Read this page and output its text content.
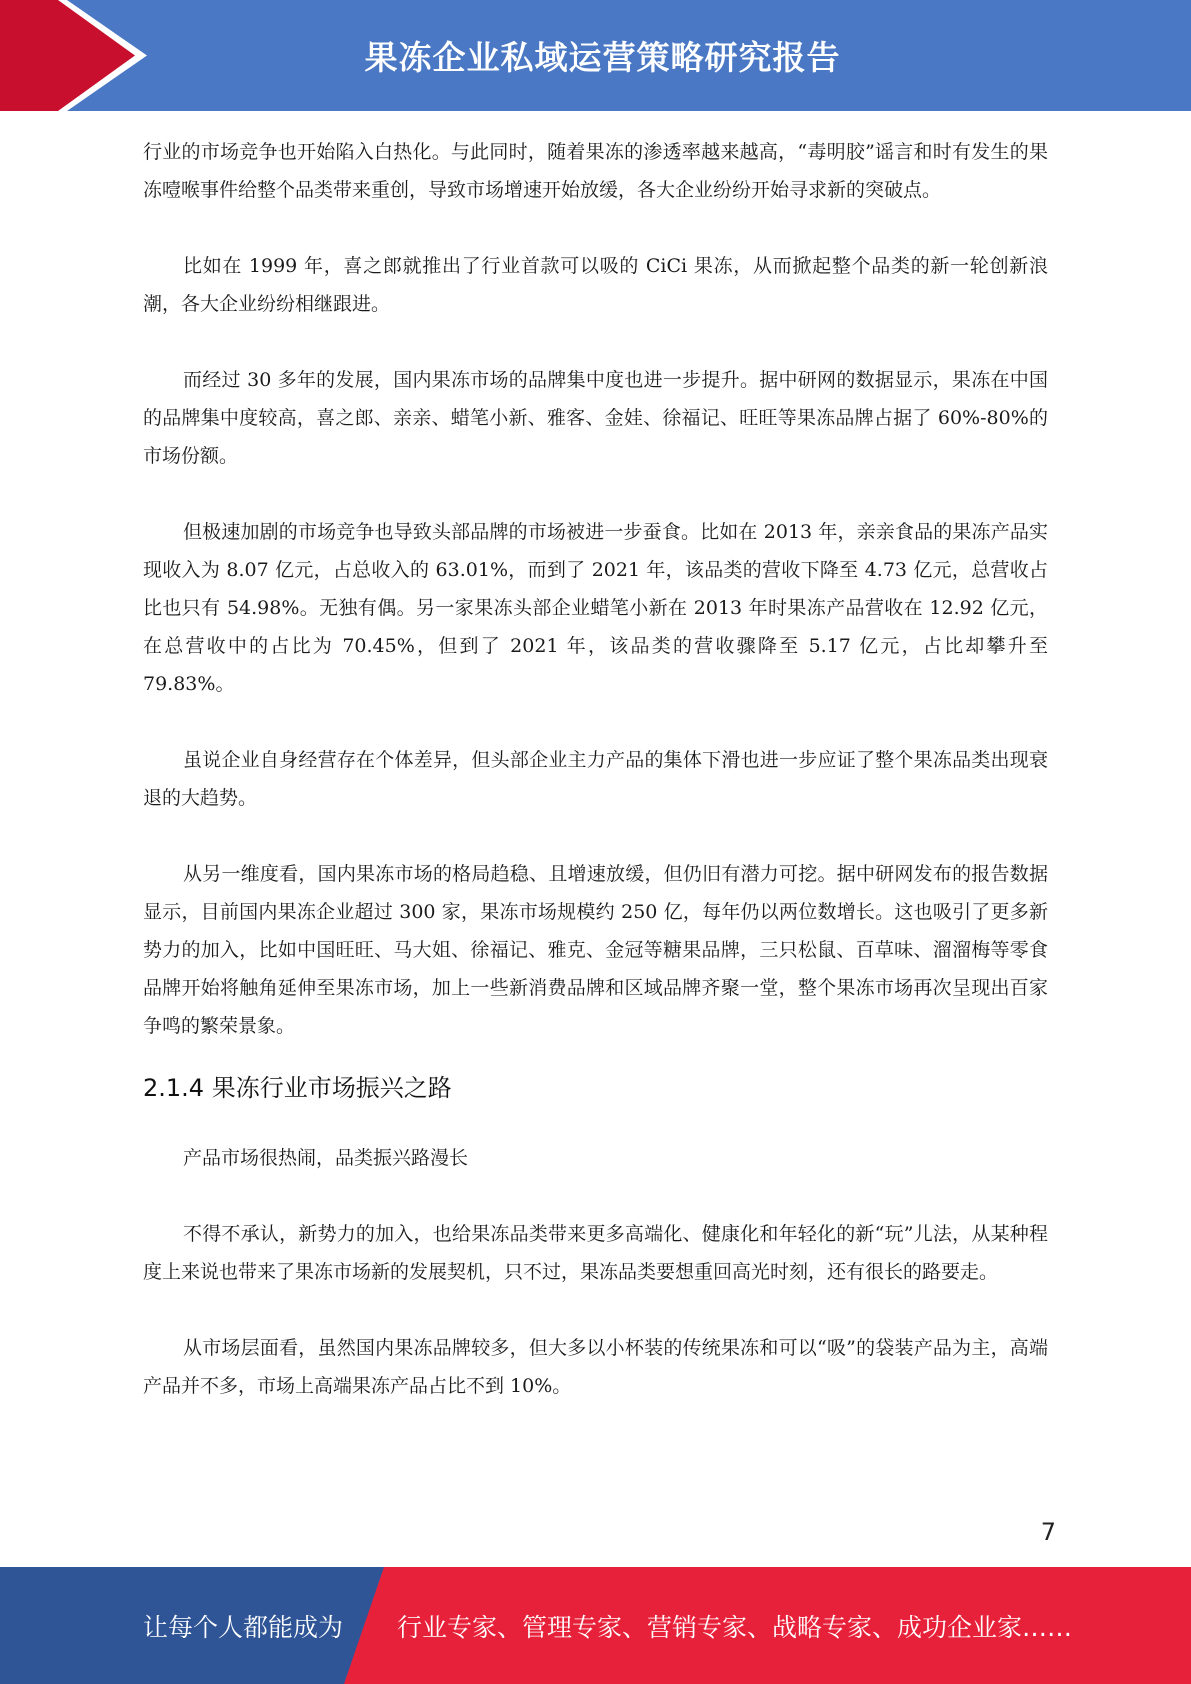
果冻企业私域运营策略研究报告

行业的市场竞争也开始陷入白热化。与此同时，随着果冻的渗透率越来越高，“毒明胶”谣言和时有发生的果冻噎喉事件给整个品类带来重创，导致市场增速开始放缓，各大企业纷纷开始寻求新的突破点。

比如在 1999 年，喜之郎就推出了行业首款可以吸的 CiCi 果冻，从而掀起整个品类的新一轮创新浪潮，各大企业纷纷相继跟进。

而经过 30 多年的发展，国内果冻市场的品牌集中度也进一步提升。据中研网的数据显示，果冻在中国的品牌集中度较高，喜之郎、亲亲、蜡笔小新、雅客、金娃、徐福记、旺旺等果冻品牌占据了 60%-80%的市场份额。

但极速加剧的市场竞争也导致头部品牌的市场被进一步蚕食。比如在 2013 年，亲亲食品的果冻产品实现收入为 8.07 亿元，占总收入的 63.01%，而到了 2021 年，该品类的营收下降至 4.73 亿元，总营收占比也只有 54.98%。无独有偶。另一家果冻头部企业蜡笔小新在 2013 年时果冻产品营收在 12.92 亿元，在总营收中的占比为 70.45%，但到了 2021 年，该品类的营收骤降至 5.17 亿元，占比却攀升至 79.83%。

虽说企业自身经营存在个体差异，但头部企业主力产品的集体下滑也进一步应证了整个果冻品类出现衰退的大趋势。

从另一维度看，国内果冻市场的格局趋稳、且增速放缓，但仍旧有潜力可挖。据中研网发布的报告数据显示，目前国内果冻企业超过 300 家，果冻市场规模约 250 亿，每年仍以两位数增长。这也吸引了更多新势力的加入，比如中国旺旺、马大姐、徐福记、雅克、金冠等糖果品牌，三只松鼠、百草味、溜溜梅等零食品牌开始将触角延伸至果冻市场，加上一些新消费品牌和区域品牌齐聚一堂，整个果冻市场再次呈现出百家争鸣的繁荣景象。

2.1.4 果冻行业市场振兴之路

产品市场很热闹，品类振兴路漫长

不得不承认，新势力的加入，也给果冻品类带来更多高端化、健康化和年轻化的新“玩”儿法，从某种程度上来说也带来了果冻市场新的发展契机，只不过，果冻品类要想重回高光时刻，还有很长的路要走。

从市场层面看，虽然国内果冻品牌较多，但大多以小杯装的传统果冻和可以“吸”的袋装产品为主，高端产品并不多，市场上高端果冻产品占比不到 10%。

7
让每个人都能成为 行业专家、管理专家、营销专家、战略专家、成功企业家……
